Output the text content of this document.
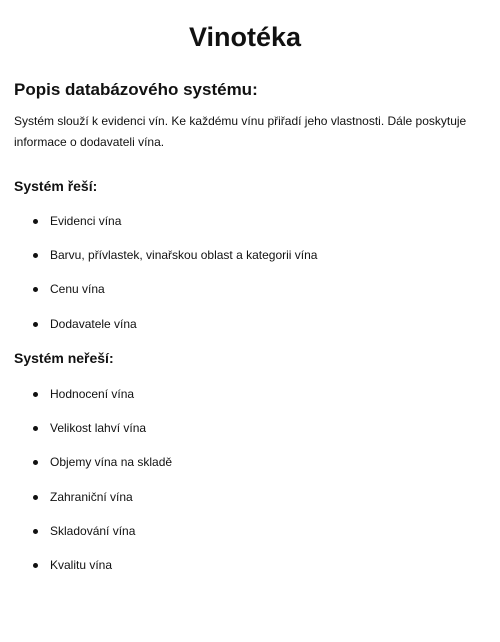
Vinotéka
Popis databázového systému:

Systém slouží k evidenci vín. Ke každému vínu přiřadí jeho vlastnosti. Dále poskytuje informace o dodavateli vína.

Systém řeší:
Evidenci vína
Barvu, přívlastek, vinařskou oblast a kategorii vína
Cenu vína
Dodavatele vína
Systém neřeší:
Hodnocení vína
Velikost lahví vína
Objemy vína na skladě
Zahraniční vína
Skladování vína
Kvalitu vína
